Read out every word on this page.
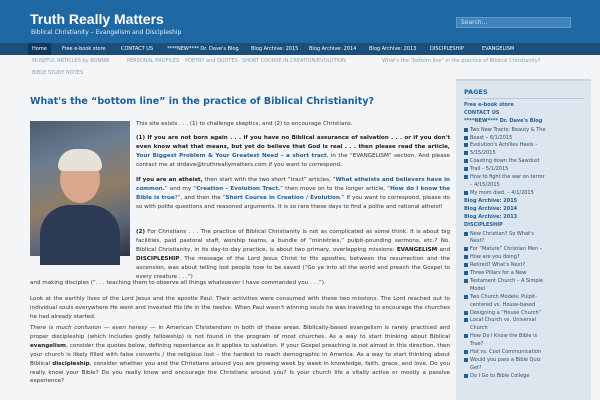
Truth Really Matters
Biblical Christianity – Evangelism and Discipleship
Search...
Home	Free e-book store	CONTACT US	****NEW**** Dr. Dave's Blog Blog Archive: 2015 Blog Archive: 2014	Blog Archive: 2013	DISCIPLESHIP	EVANGELISM
MUSEFUL ARTICLES by BONNIE	PERSONAL PROFILES POETRY and QUOTES SHORT COURSE IN CREATION/EVOLUTION	What's the "bottom line" in the practice of Biblical Christianity?
BIBLE STUDY NOTES
What's the “bottom line” in the practice of Biblical Christianity?
This site exists . . . (1) to challenge skeptics, and (2) to encourage Christians.
(1) If you are not born again . . . if you have no Biblical assurance of salvation . . . or if you don't even know what that means, but yet do believe that God is real . . . then please read the article, Your Biggest Problem & Your Greatest Need – a short tract, in the “EVANGELISM” section. And please contact me at drdave@truthreallymatters.com if you want to correspond.
If you are an atheist, then start with the two short “tract” articles, “What atheists and believers have in common.” and my “Creation – Evolution Tract.” then move on to the longer article, “How do I know the Bible is true?”, and then the “Short Course in Creation / Evolution.” If you want to correspond, please do so with polite questions and reasoned arguments. It is so rare these days to find a polite and rational atheist!
(2) For Christians . . . The practice of Biblical Christianity is not as complicated as some think. It is about big facilities, paid pastoral staff, worship teams, a bundle of “ministries,” pulpit-pounding sermons, etc.? No. Biblical Christianity, in its day-to-day practice, is about two primary, overlapping missions: EVANGELISM and DISCIPLESHIP. The message of the Lord Jesus Christ to His apostles, between the resurrection and the ascension, was about telling lost people how to be saved (“Go ye into all the world and preach the Gospel to every creature . . .”)
and making disciples (“. . . teaching them to observe all things whatsoever I have commanded you . . .”).
Look at the earthly lives of the Lord Jesus and the apostle Paul. Their activities were consumed with these two missions. The Lord reached out to individual souls everywhere He went and invested His life in the twelve. When Paul wasn't winning souls he was traveling to encourage the churches he had already started.
There is much confusion — even heresy — in American Christendom in both of these areas. Biblically-based evangelism is rarely practiced and proper discipleship (which includes godly fellowship) is not found in the program of most churches. As a way to start thinking about Biblical evangelism, consider the quotes below, defining repentance as it applies to salvation. If your Gospel preaching is not aimed in this direction, then your church is likely filled with false converts / the religious lost – the hardest to reach demographic in America. As a way to start thinking about Biblical discipleship, consider whether you and the Christians around you are growing week by week in knowledge, faith, grace, and love. Do you really know your Bible? Do you really know and encourage the Christians around you? Is your church life a vitally active or mostly a passive experience?
PAGES
Free e-book store
CONTACT US
****NEW**** Dr. Dave's Blog
Two New Tracts: Beauty & The
Beast – 6/1/2015
Evolution's Achilles Heels –
5/15/2015
Coasting down the Sawdust
Trail – 5/1/2015
How to fight the war on terror
– 4/15/2015
My mom died. – 4/1/2015
Blog Archive: 2015
Blog Archive: 2014
Blog Archive: 2013
DISCIPLESHIP
New Christian? So What's
Next?
For “Mature” Christian Men –
How are you doing?
Retired? What's Next?
Three Pillars for a New
Testament Church – A Simple
Model
Two Church Models: Pulpit-
centered vs. House-based
Designing a “House Church”
Local Church vs. Universal
Church
How Do I Know the Bible is
True?
Hot vs. Cool Communication
Would you pass a Bible Quiz
Get?
Do I Go to Bible College
